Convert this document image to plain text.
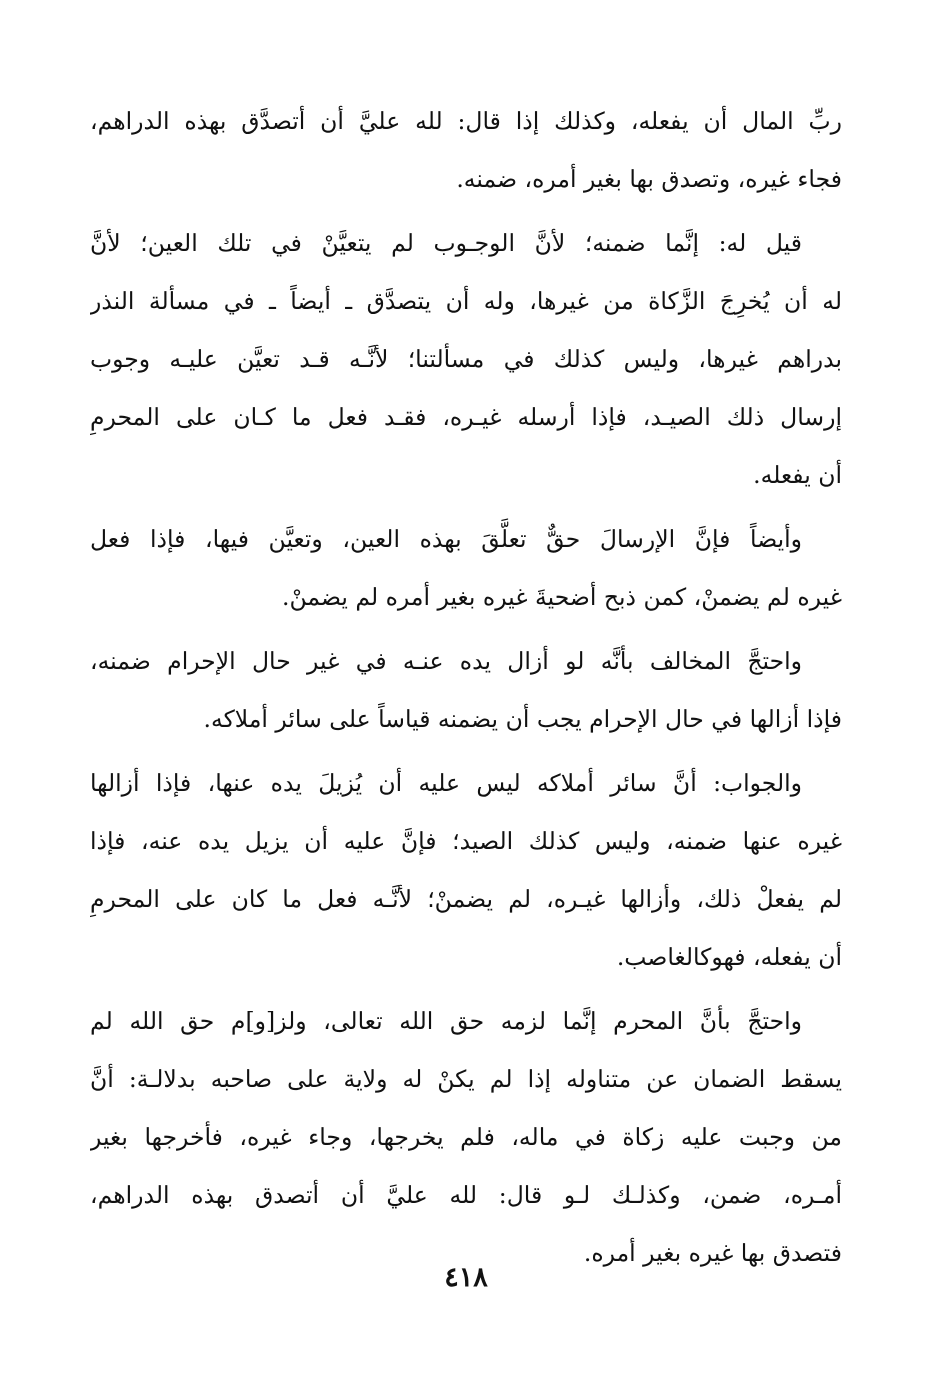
ربِّ المال أن يفعله، وكذلك إذا قال: لله عليَّ أن أتصدَّق بهذه الدراهم،
فجاء غيره، وتصدق بها بغير أمره، ضمنه.
قيل له: إنَّما ضمنه؛ لأنَّ الوجـوب لم يتعيَّنْ في تلك العين؛ لأنَّ
له أن يُخرِجَ الزَّكاة من غيرها، وله أن يتصدَّق ـ أيضاً ـ في مسألة النذر
بدراهم غيرها، وليس كذلك في مسألتنا؛ لأنَّـه قـد تعيَّن عليـه وجوب
إرسال ذلك الصيـد، فإذا أرسله غيـره، فقـد فعل ما كـان على المحرمِ
أن يفعله.
وأيضاً فإنَّ الإرسالَ حقٌّ تعلَّقَ بهذه العين، وتعيَّن فيها، فإذا فعل
غيره لم يضمنْ، كمن ذبح أضحيةَ غيره بغير أمره لم يضمنْ.
واحتجَّ المخالف بأنَّه لو أزال يده عنـه في غير حال الإحرام ضمنه،
فإذا أزالها في حال الإحرام يجب أن يضمنه قياساً على سائر أملاكه.
والجواب: أنَّ سائر أملاكه ليس عليه أن يُزيلَ يده عنها، فإذا أزالها
غيره عنها ضمنه، وليس كذلك الصيد؛ فإنَّ عليه أن يزيل يده عنه، فإذا
لم يفعلْ ذلك، وأزالها غيـره، لم يضمنْ؛ لأنَّـه فعل ما كان على المحرمِ
أن يفعله، فهوكالغاصب.
واحتجَّ بأنَّ المحرم إنَّما لزمه حق الله تعالى، ولز[و]م حق الله لم
يسقط الضمان عن متناوله إذا لم يكنْ له ولاية على صاحبه بدلالـة: أنَّ
من وجبت عليه زكاة في ماله، فلم يخرجها، وجاء غيره، فأخرجها بغير
أمـره، ضمن، وكذلـك لـو قال: لله عليَّ أن أتصدق بهذه الدراهم،
فتصدق بها غيره بغير أمره.
٤١٨
